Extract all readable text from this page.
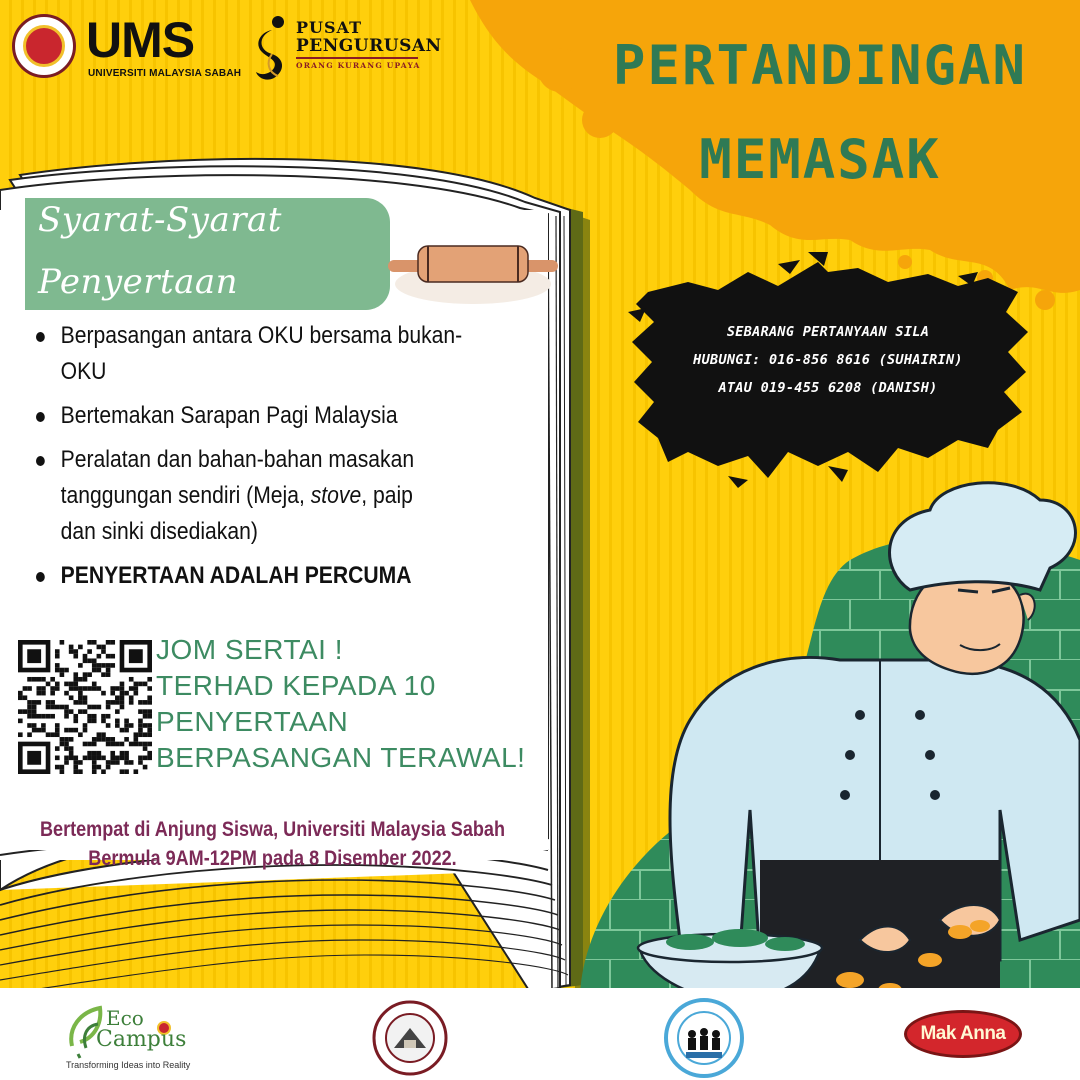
UMS
UNIVERSITI MALAYSIA SABAH
PUSAT
PENGURUSAN
ORANG KURANG UPAYA	PERTANDINGAN
MEMASAK
Syarat-Syarat
Penyertaan
Berpasangan antara OKU bersama bukan-
OKU
Bertemakan Sarapan Pagi Malaysia
Peralatan dan bahan-bahan masakan
tanggungan sendiri (Meja, stove, paip
dan sinki disediakan)
PENYERTAAN ADALAH PERCUMA
JOM SERTAI !
TERHAD KEPADA 10
PENYERTAAN
BERPASANGAN TERAWAL!
Bertempat di Anjung Siswa, Universiti Malaysia Sabah
Bermula 9AM-12PM pada 8 Disember 2022.
SEBARANG PERTANYAAN SILA
HUBUNGI: 016-856 8616 (SUHAIRIN)
ATAU 019-455 6208 (DANISH)
Eco
Campus
Transforming Ideas into Reality
Mak Anna
